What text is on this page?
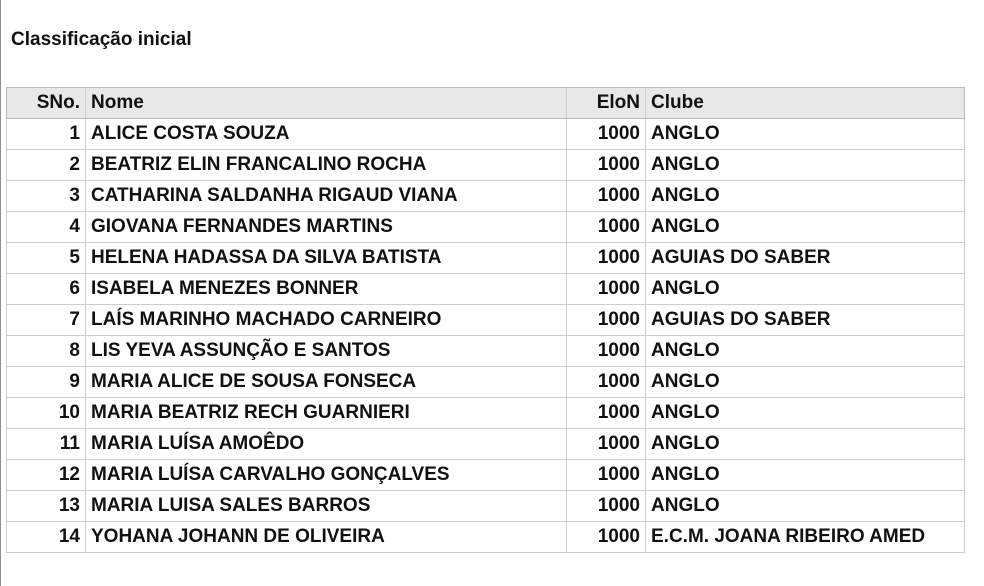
Classificação inicial
SNo.	Nome	EloN	Clube
1	ALICE COSTA SOUZA	1000	ANGLO
2	BEATRIZ ELIN FRANCALINO ROCHA	1000	ANGLO
3	CATHARINA SALDANHA RIGAUD VIANA	1000	ANGLO
4	GIOVANA FERNANDES MARTINS	1000	ANGLO
5	HELENA HADASSA DA SILVA BATISTA	1000	AGUIAS DO SABER
6	ISABELA MENEZES BONNER	1000	ANGLO
7	LAÍS MARINHO MACHADO CARNEIRO	1000	AGUIAS DO SABER
8	LIS YEVA ASSUNÇÃO E SANTOS	1000	ANGLO
9	MARIA ALICE DE SOUSA FONSECA	1000	ANGLO
10	MARIA BEATRIZ RECH GUARNIERI	1000	ANGLO
11	MARIA LUÍSA AMOÊDO	1000	ANGLO
12	MARIA LUÍSA CARVALHO GONÇALVES	1000	ANGLO
13	MARIA LUISA SALES BARROS	1000	ANGLO
14	YOHANA JOHANN DE OLIVEIRA	1000	E.C.M. JOANA RIBEIRO AMED
